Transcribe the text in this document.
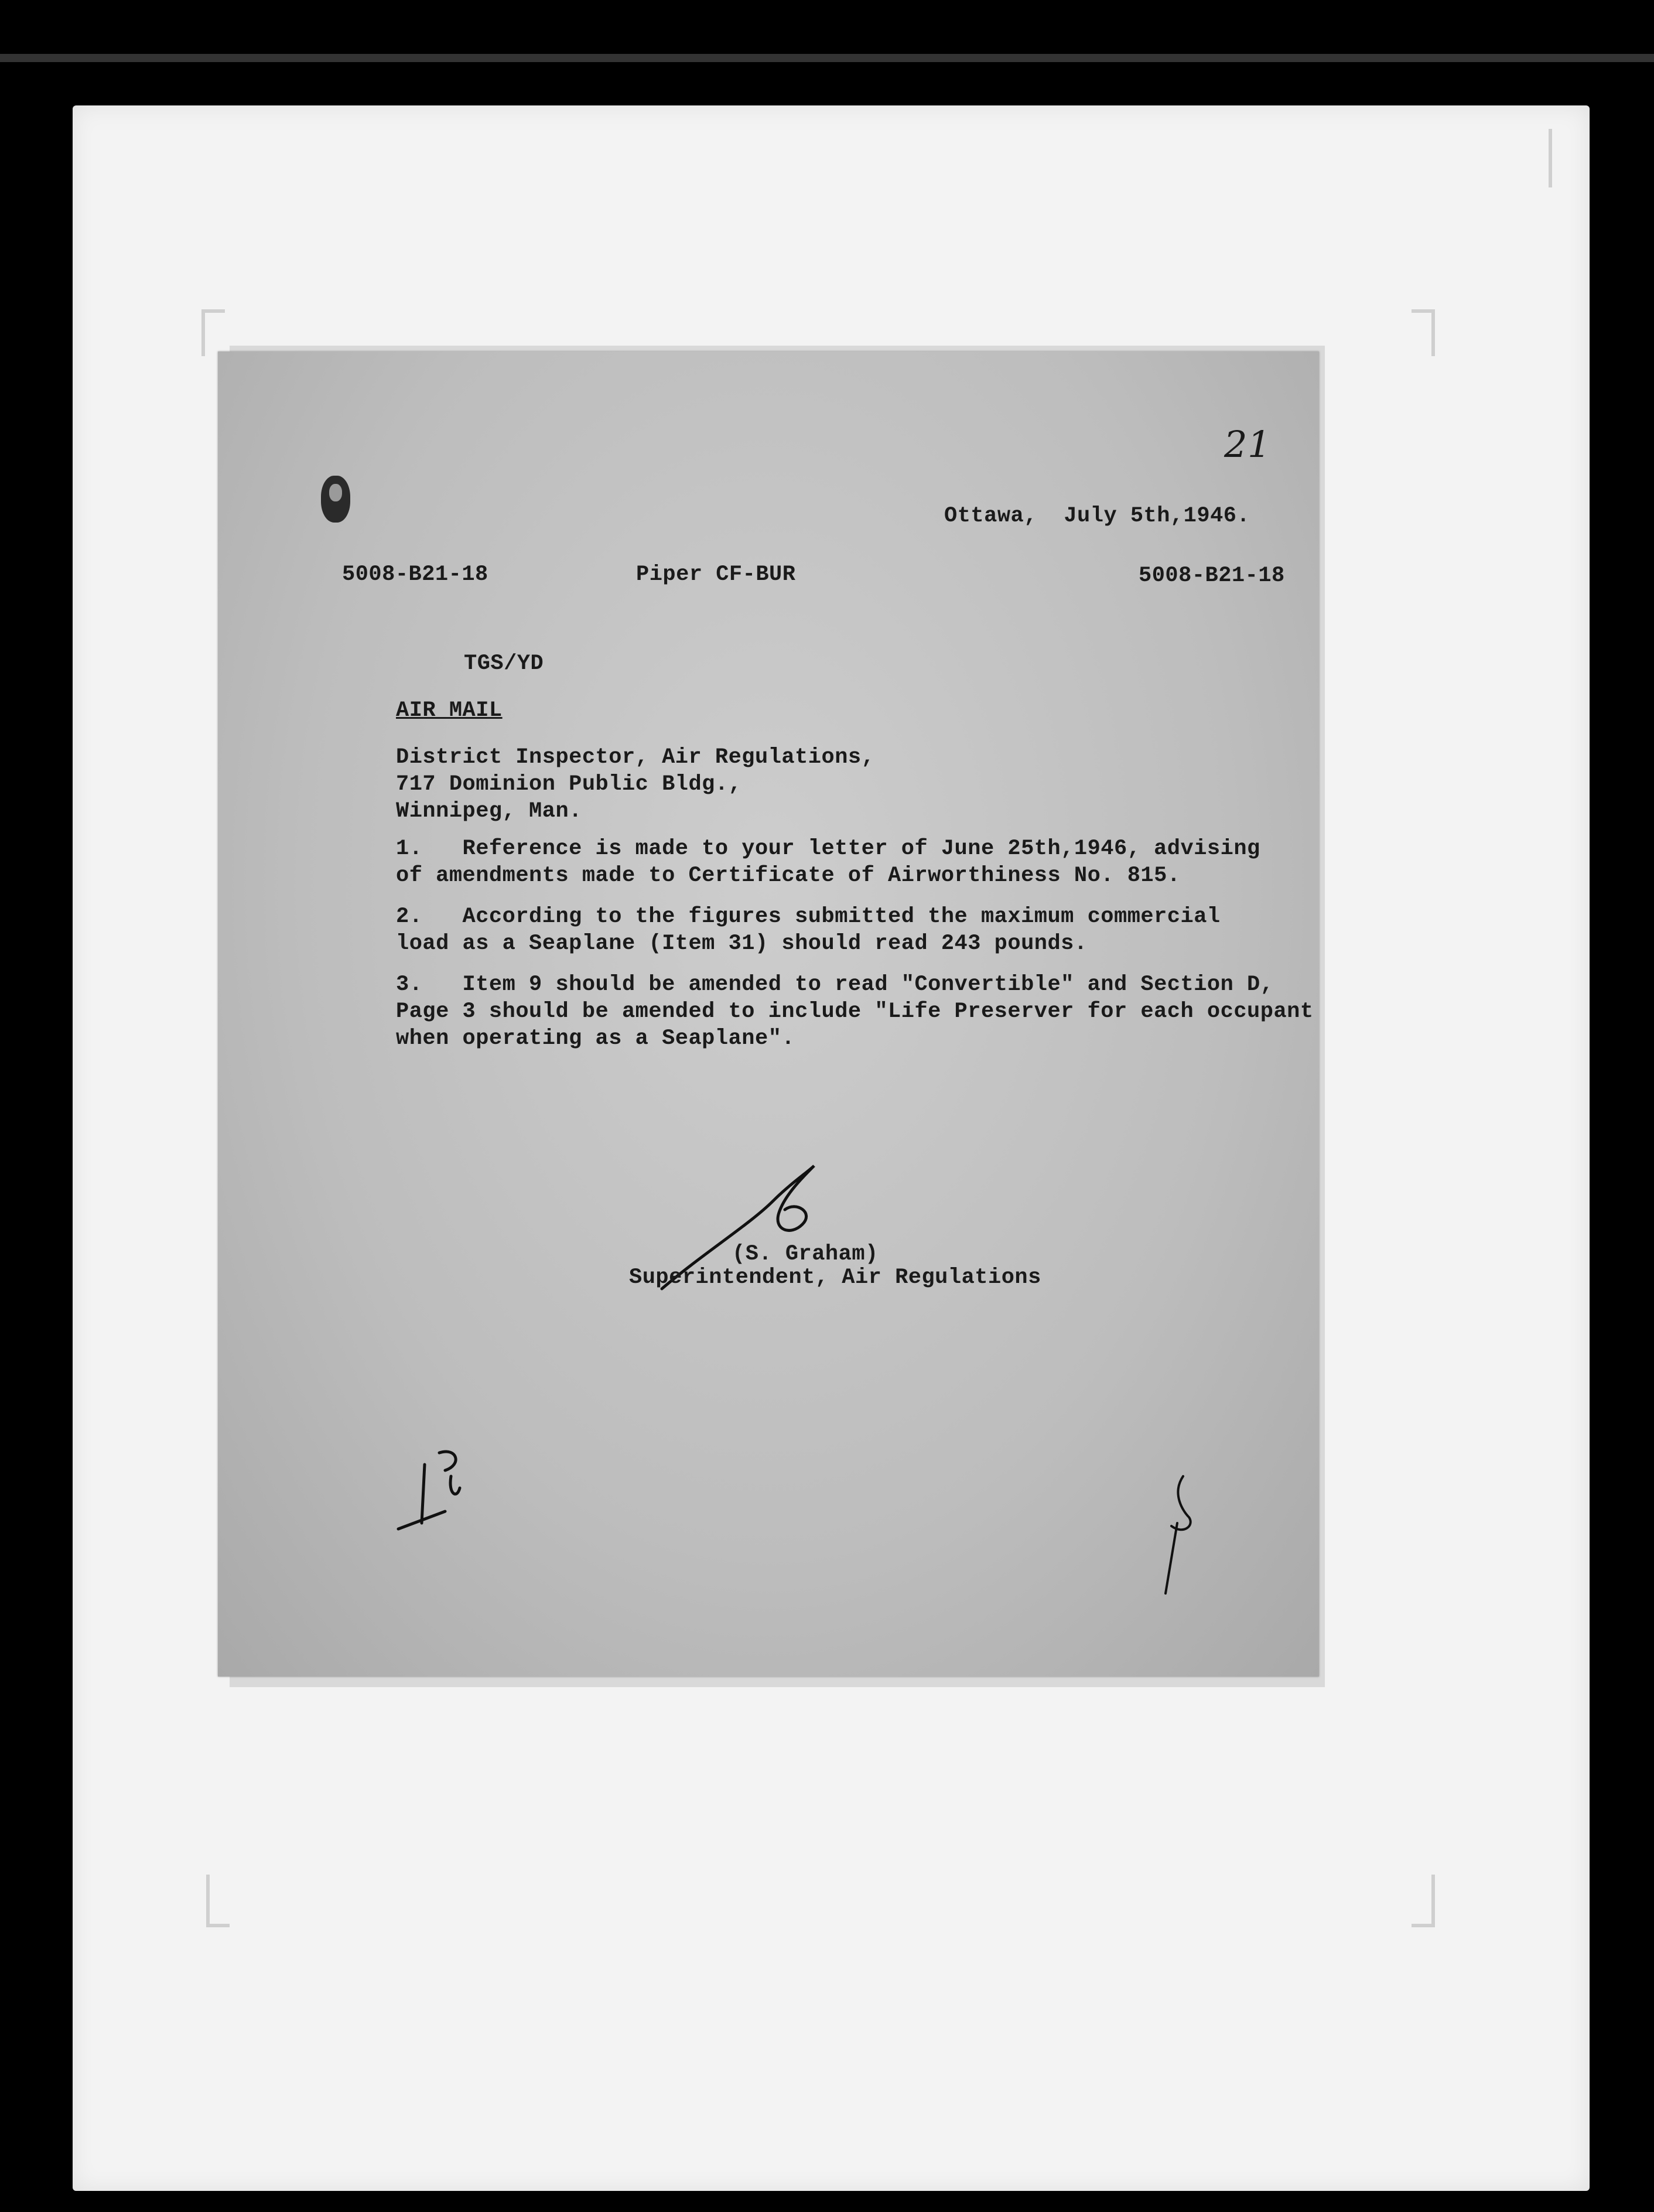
21
Ottawa,  July 5th,1946.
5008-B21-18	Piper CF-BUR	5008-B21-18
TGS/YD
AIR MAIL
District Inspector, Air Regulations,
717 Dominion Public Bldg.,
Winnipeg, Man.
1.   Reference is made to your letter of June 25th,1946, advising
of amendments made to Certificate of Airworthiness No. 815.
2.   According to the figures submitted the maximum commercial
load as a Seaplane (Item 31) should read 243 pounds.
3.   Item 9 should be amended to read "Convertible" and Section D,
Page 3 should be amended to include "Life Preserver for each occupant
when operating as a Seaplane".
(S. Graham)
Superintendent, Air Regulations
